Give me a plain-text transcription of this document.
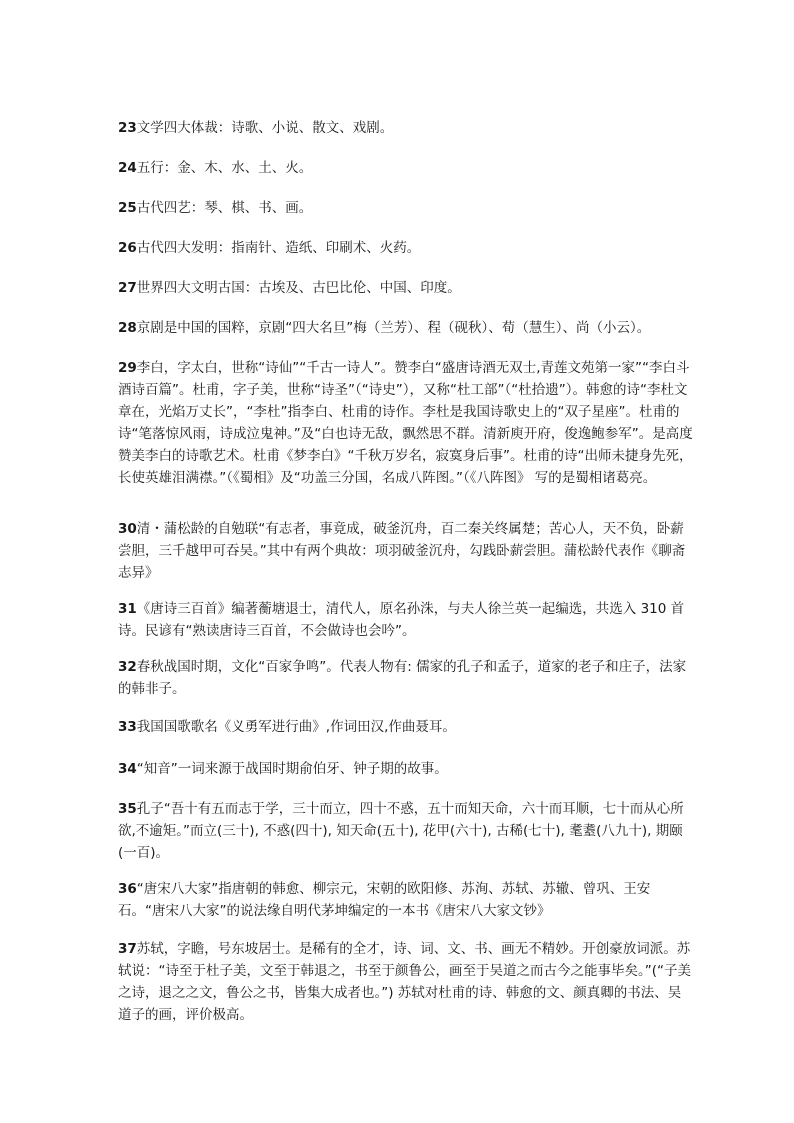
23文学四大体裁：诗歌、小说、散文、戏剧。

24五行：金、木、水、土、火。

25古代四艺：琴、棋、书、画。

26古代四大发明：指南针、造纸、印刷术、火药。

27世界四大文明古国：古埃及、古巴比伦、中国、印度。

28京剧是中国的国粹，京剧“四大名旦”梅（兰芳）、程（砚秋）、荀（慧生）、尚（小云）。

29李白，字太白，世称“诗仙”“千古一诗人”。赞李白“盛唐诗酒无双士,青莲文苑第一家”“李白斗酒诗百篇”。杜甫，字子美，世称“诗圣”（“诗史”），又称“杜工部”（“杜拾遗”）。韩愈的诗“李杜文章在，光焰万丈长”，“李杜”指李白、杜甫的诗作。李杜是我国诗歌史上的“双子星座”。杜甫的诗“笔落惊风雨，诗成泣鬼神。”及“白也诗无敌，飘然思不群。清新庾开府，俊逸鲍参军”。是高度赞美李白的诗歌艺术。杜甫《梦李白》“千秋万岁名，寂寞身后事”。杜甫的诗“出师未捷身先死，长使英雄泪满襟。”（《蜀相》及“功盖三分国，名成八阵图。”（《八阵图》 写的是蜀相诸葛亮。

30清・蒲松龄的自勉联“有志者，事竟成，破釜沉舟，百二秦关终属楚；苦心人，天不负，卧薪尝胆，三千越甲可吞吴。”其中有两个典故：项羽破釜沉舟，勾践卧薪尝胆。蒲松龄代表作《聊斋志异》

31《唐诗三百首》编著蘅塘退士，清代人，原名孙洙，与夫人徐兰英一起编选，共选入 310 首诗。民谚有“熟读唐诗三百首，不会做诗也会吟”。

32春秋战国时期，文化“百家争鸣”。代表人物有: 儒家的孔子和孟子，道家的老子和庄子，法家的韩非子。

33我国国歌歌名《义勇军进行曲》,作词田汉,作曲聂耳。

34“知音”一词来源于战国时期俞伯牙、钟子期的故事。

35孔子“吾十有五而志于学，三十而立，四十不惑，五十而知天命，六十而耳顺，七十而从心所欲,不逾矩。”而立(三十), 不惑(四十), 知天命(五十), 花甲(六十), 古稀(七十), 耄耋(八九十), 期颐(一百)。

36“唐宋八大家”指唐朝的韩愈、柳宗元，宋朝的欧阳修、苏洵、苏轼、苏辙、曾巩、王安石。“唐宋八大家”的说法缘自明代茅坤编定的一本书《唐宋八大家文钞》

37苏轼，字瞻，号东坡居士。是稀有的全才，诗、词、文、书、画无不精妙。开创豪放词派。苏轼说：“诗至于杜子美，文至于韩退之，书至于颜鲁公，画至于吴道之而古今之能事毕矣。”(“子美之诗，退之之文，鲁公之书，皆集大成者也。”) 苏轼对杜甫的诗、韩愈的文、颜真卿的书法、吴道子的画，评价极高。
